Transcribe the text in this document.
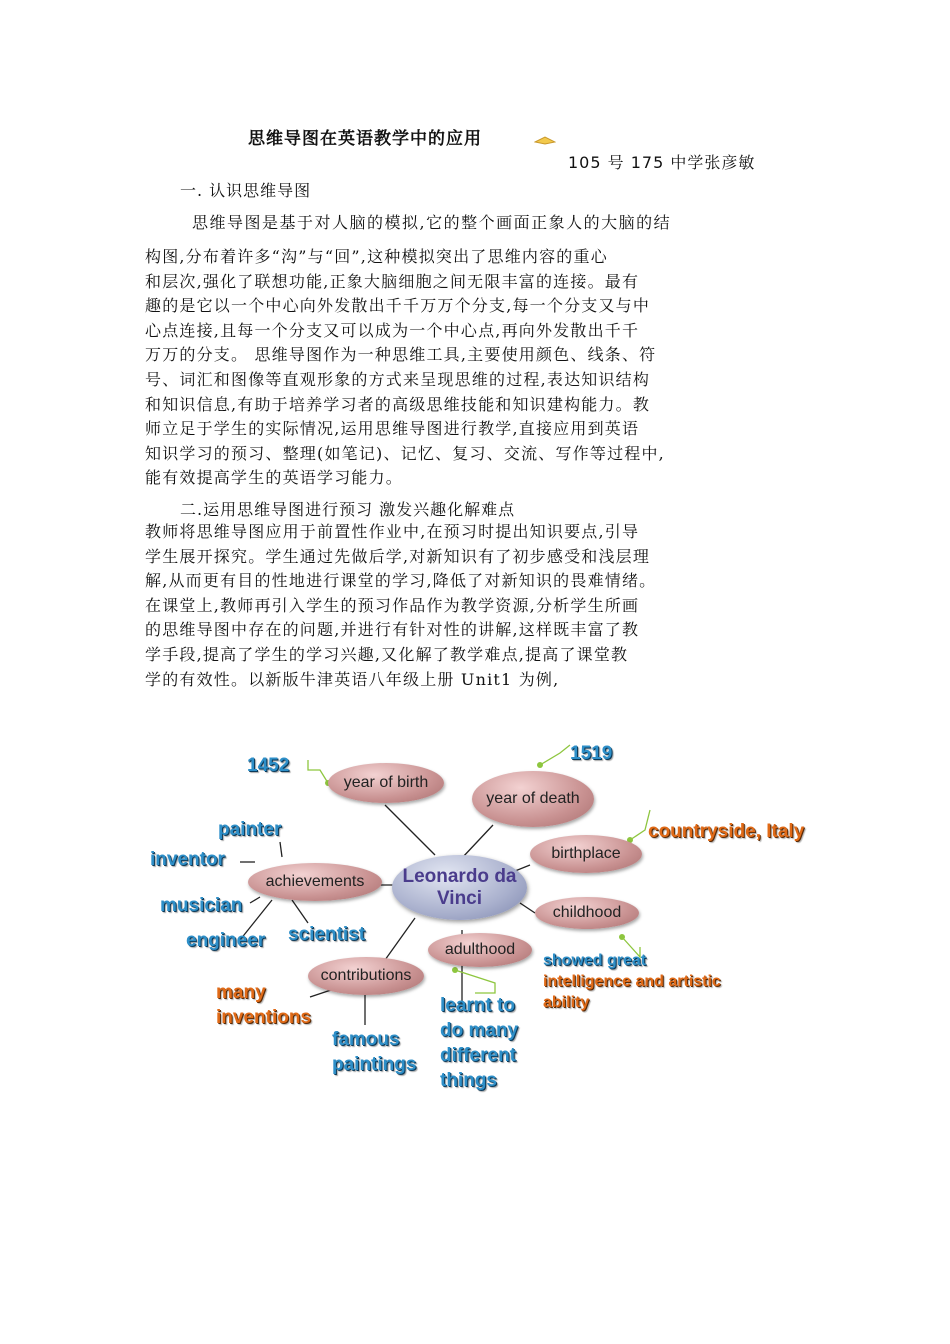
思维导图在英语教学中的应用
105 号 175 中学张彦敏
一. 认识思维导图
思维导图是基于对人脑的模拟,它的整个画面正象人的大脑的结
构图,分布着许多“沟”与“回”,这种模拟突出了思维内容的重心
和层次,强化了联想功能,正象大脑细胞之间无限丰富的连接。最有
趣的是它以一个中心向外发散出千千万万个分支,每一个分支又与中
心点连接,且每一个分支又可以成为一个中心点,再向外发散出千千
万万的分支。 思维导图作为一种思维工具,主要使用颜色、线条、符
号、词汇和图像等直观形象的方式来呈现思维的过程,表达知识结构
和知识信息,有助于培养学习者的高级思维技能和知识建构能力。教
师立足于学生的实际情况,运用思维导图进行教学,直接应用到英语
知识学习的预习、整理(如笔记)、记忆、复习、交流、写作等过程中,
能有效提高学生的英语学习能力。
二.运用思维导图进行预习 激发兴趣化解难点
教师将思维导图应用于前置性作业中,在预习时提出知识要点,引导
学生展开探究。学生通过先做后学,对新知识有了初步感受和浅层理
解,从而更有目的性地进行课堂的学习,降低了对新知识的畏难情绪。
在课堂上,教师再引入学生的预习作品作为教学资源,分析学生所画
的思维导图中存在的问题,并进行有针对性的讲解,这样既丰富了教
学手段,提高了学生的学习兴趣,又化解了教学难点,提高了课堂教
学的有效性。以新版牛津英语八年级上册 Unit1 为例,
year of birth
year of death
birthplace
childhood
adulthood
contributions
achievements	Leonardo da Vinci
1452
1519
countryside, Italy
showed great
intelligence and artistic
ability
learnt to do many different things
painter
inventor
musician
engineer	scientist
many inventions
famous paintings
